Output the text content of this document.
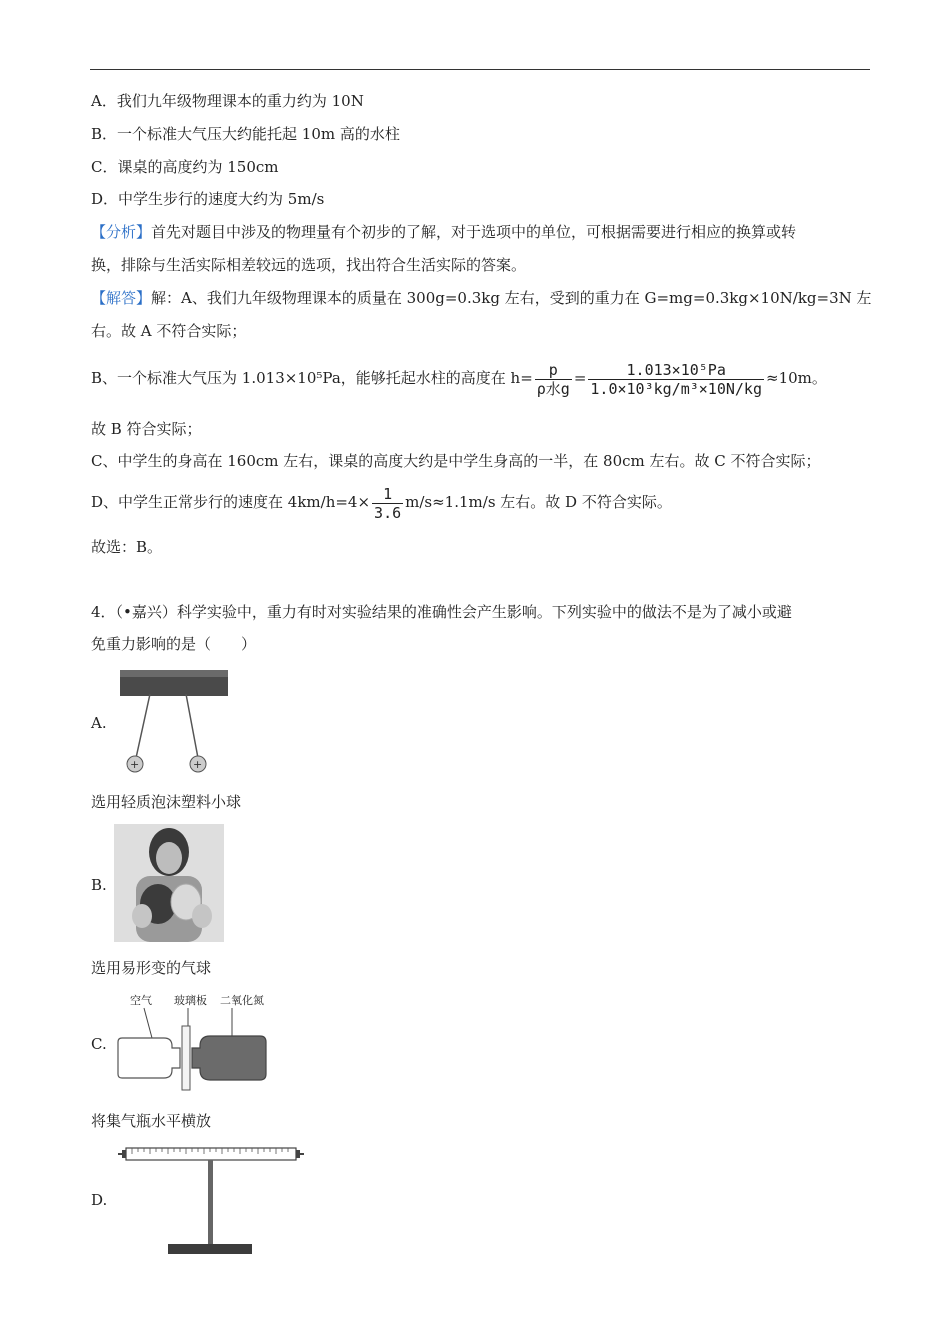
A．我们九年级物理课本的重力约为 10N
B．一个标准大气压大约能托起 10m 高的水柱
C．课桌的高度约为 150cm
D．中学生步行的速度大约为 5m/s
【分析】首先对题目中涉及的物理量有个初步的了解，对于选项中的单位，可根据需要进行相应的换算或转
换，排除与生活实际相差较远的选项，找出符合生活实际的答案。
【解答】解：A、我们九年级物理课本的质量在 300g=0.3kg 左右，受到的重力在 G=mg=0.3kg×10N/kg=3N 左
右。故 A 不符合实际；
B、一个标准大气压为 1.013×10⁵Pa，能够托起水柱的高度在 $h= \frac{p}{\text{ρ水g}} = \frac{\text{1.013×10⁵Pa}}{\text{1.0×10³kg/m³×10N/kg}} \approx 10m$。
故 B 符合实际；
C、中学生的身高在 160cm 左右，课桌的高度大约是中学生身高的一半，在 80cm 左右。故 C 不符合实际；
D、中学生正常步行的速度在 $4km/h=4\times \frac{1}{3.6} m/s\approx 1.1m/s$ 左右。故 D 不符合实际。
故选：B。
4．（•嘉兴）科学实验中，重力有时对实验结果的准确性会产生影响。下列实验中的做法不是为了减小或避
免重力影响的是（　　）
A.
+	+
选用轻质泡沫塑料小球
B.
选用易形变的气球
C.
空气 玻璃板 二氧化氮
将集气瓶水平横放
D.
